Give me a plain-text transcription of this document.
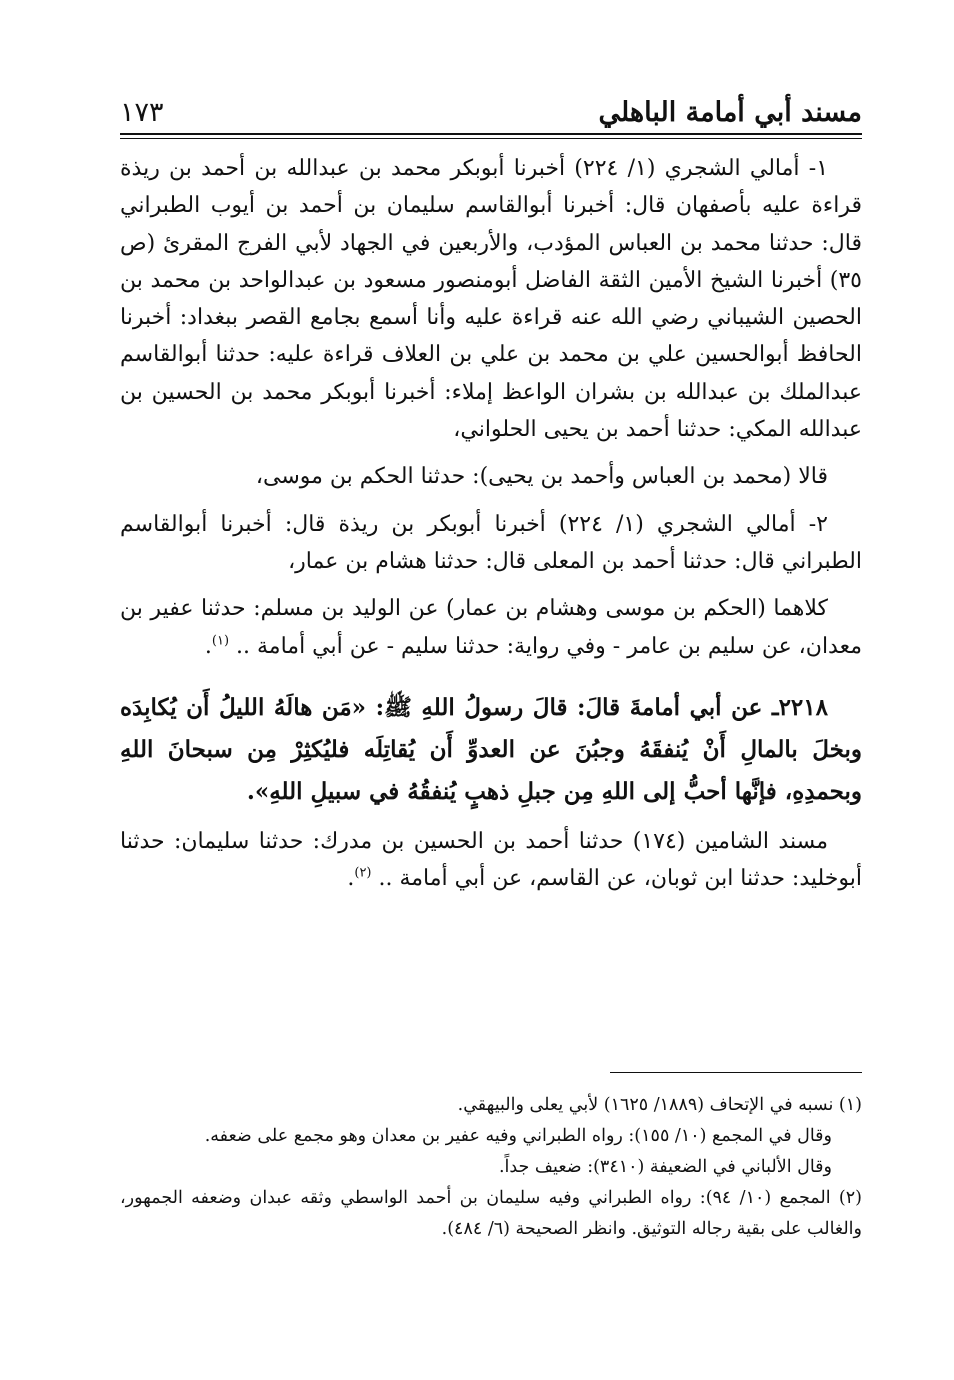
مسند أبي أمامة الباهلي
١٧٣

١- أمالي الشجري (١/ ٢٢٤) أخبرنا أبوبكر محمد بن عبدالله بن أحمد بن ريذة قراءة عليه بأصفهان قال: أخبرنا أبوالقاسم سليمان بن أحمد بن أيوب الطبراني قال: حدثنا محمد بن العباس المؤدب، والأربعين في الجهاد لأبي الفرج المقرئ (ص ٣٥) أخبرنا الشيخ الأمين الثقة الفاضل أبومنصور مسعود بن عبدالواحد بن محمد بن الحصين الشيباني رضي الله عنه قراءة عليه وأنا أسمع بجامع القصر ببغداد: أخبرنا الحافظ أبوالحسين علي بن محمد بن علي بن العلاف قراءة عليه: حدثنا أبوالقاسم عبدالملك بن عبدالله بن بشران الواعظ إملاء: أخبرنا أبوبكر محمد بن الحسين بن عبدالله المكي: حدثنا أحمد بن يحيى الحلواني،

قالا (محمد بن العباس وأحمد بن يحيى): حدثنا الحكم بن موسى،

٢- أمالي الشجري (١/ ٢٢٤) أخبرنا أبوبكر بن ريذة قال: أخبرنا أبوالقاسم الطبراني قال: حدثنا أحمد بن المعلى قال: حدثنا هشام بن عمار،

كلاهما (الحكم بن موسى وهشام بن عمار) عن الوليد بن مسلم: حدثنا عفير بن معدان، عن سليم بن عامر - وفي رواية: حدثنا سليم - عن أبي أمامة .. $^{(١)}$.

٢٢١٨ـ عن أبي أمامةَ قالَ: قالَ رسولُ اللهِ ﷺ: «مَن هالَهُ الليلُ أَن يُكابِدَه وبخلَ بالمالِ أَنْ يُنفقَهُ وجبُنَ عن العدوِّ أَن يُقاتِلَه فليُكثِرْ مِن سبحانَ اللهِ وبحمدِهِ، فإنَّها أحبُّ إلى اللهِ مِن جبلِ ذهبٍ يُنفقُهُ في سبيلِ اللهِ».

مسند الشامين (١٧٤) حدثنا أحمد بن الحسين بن مدرك: حدثنا سليمان: حدثنا أبوخليد: حدثنا ابن ثوبان، عن القاسم، عن أبي أمامة .. $^{(٢)}$.

(١) نسبه في الإتحاف (١٨٨٩/ ١٦٢٥) لأبي يعلى والبيهقي.

وقال في المجمع (١٠/ ١٥٥): رواه الطبراني وفيه عفير بن معدان وهو مجمع على ضعفه.

وقال الألباني في الضعيفة (٣٤١٠): ضعيف جداً.

(٢) المجمع (١٠/ ٩٤): رواه الطبراني وفيه سليمان بن أحمد الواسطي وثقه عبدان وضعفه الجمهور، والغالب على بقية رجاله التوثيق. وانظر الصحيحة (٦/ ٤٨٤).
